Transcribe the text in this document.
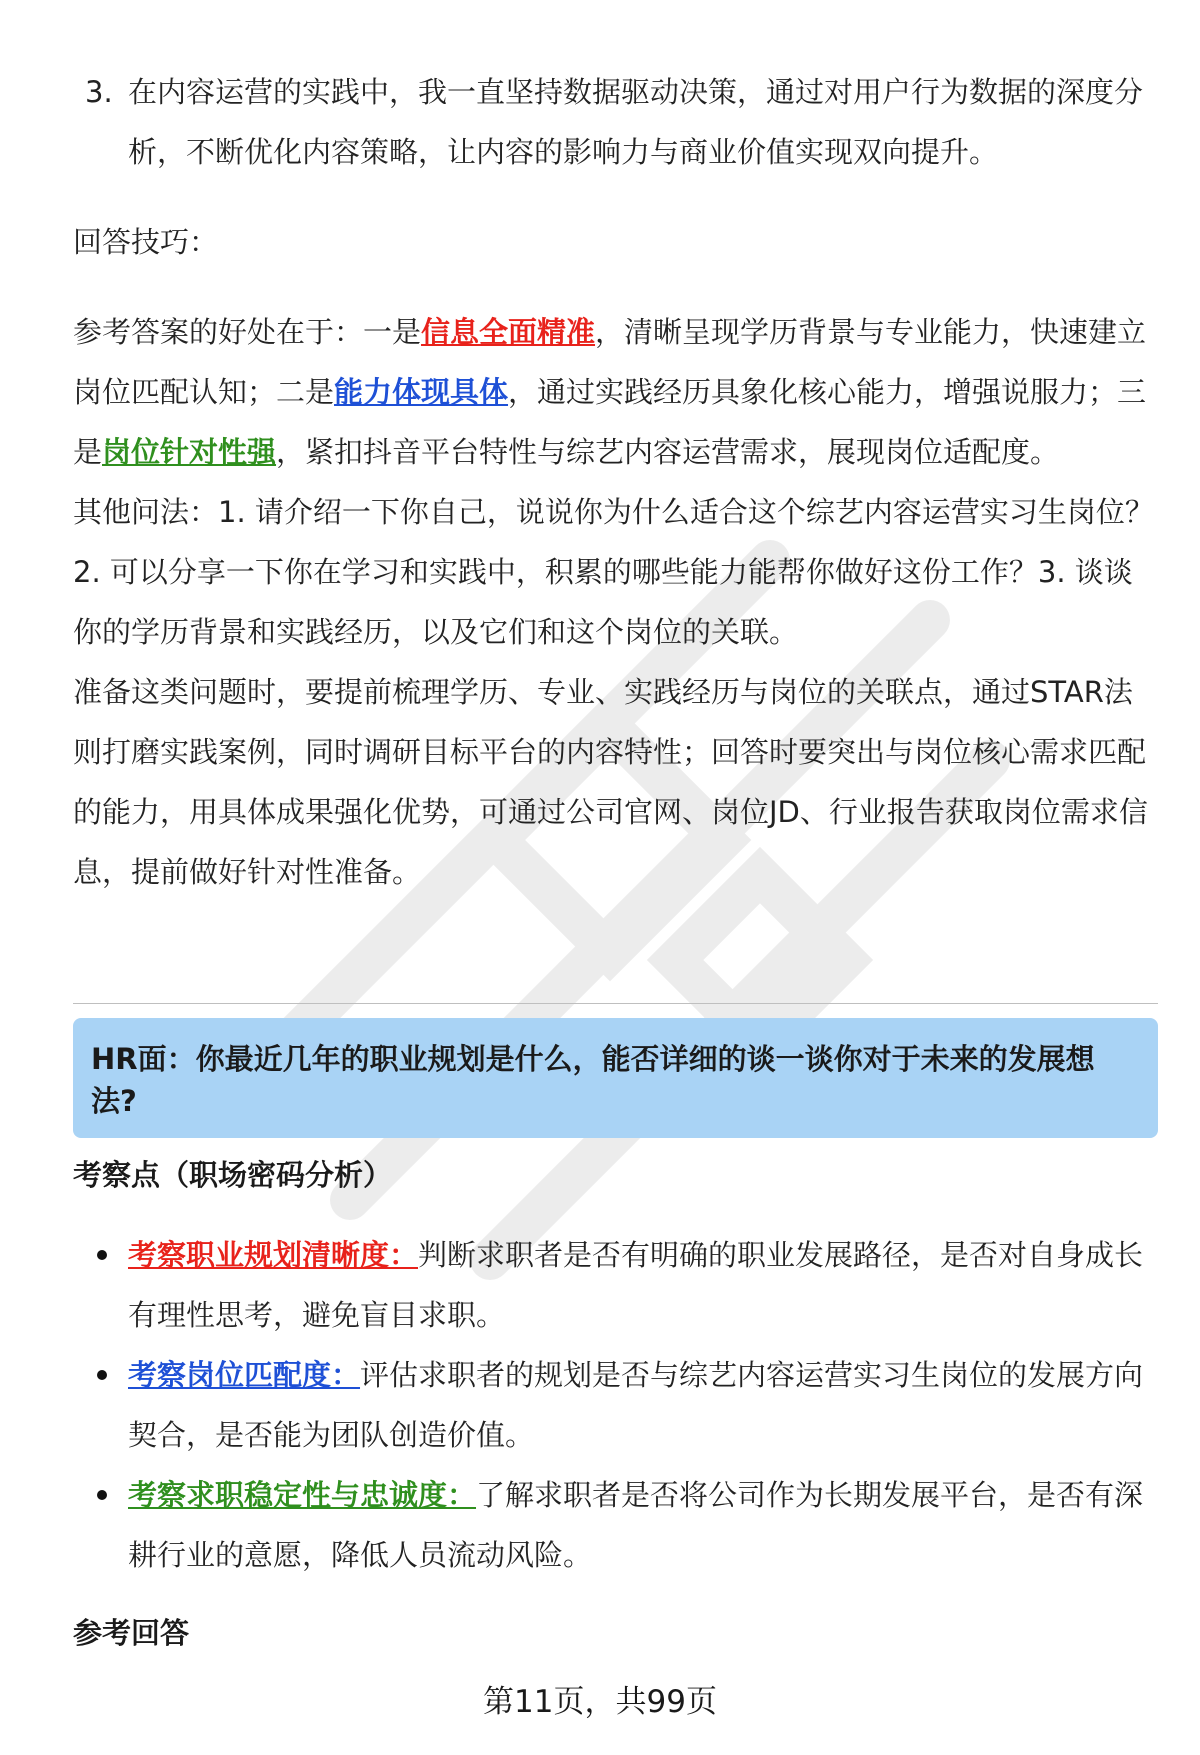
3. 在内容运营的实践中，我一直坚持数据驱动决策，通过对用户行为数据的深度分析，不断优化内容策略，让内容的影响力与商业价值实现双向提升。

回答技巧：

参考答案的好处在于：一是信息全面精准，清晰呈现学历背景与专业能力，快速建立岗位匹配认知；二是能力体现具体，通过实践经历具象化核心能力，增强说服力；三是岗位针对性强，紧扣抖音平台特性与综艺内容运营需求，展现岗位适配度。

其他问法：1. 请介绍一下你自己，说说你为什么适合这个综艺内容运营实习生岗位？2. 可以分享一下你在学习和实践中，积累的哪些能力能帮你做好这份工作？3. 谈谈你的学历背景和实践经历，以及它们和这个岗位的关联。

准备这类问题时，要提前梳理学历、专业、实践经历与岗位的关联点，通过STAR法则打磨实践案例，同时调研目标平台的内容特性；回答时要突出与岗位核心需求匹配的能力，用具体成果强化优势，可通过公司官网、岗位JD、行业报告获取岗位需求信息，提前做好针对性准备。

HR面：你最近几年的职业规划是什么，能否详细的谈一谈你对于未来的发展想法?
考察点（职场密码分析）
考察职业规划清晰度：判断求职者是否有明确的职业发展路径，是否对自身成长有理性思考，避免盲目求职。
考察岗位匹配度：评估求职者的规划是否与综艺内容运营实习生岗位的发展方向契合，是否能为团队创造价值。
考察求职稳定性与忠诚度：了解求职者是否将公司作为长期发展平台，是否有深耕行业的意愿，降低人员流动风险。
参考回答
第11页，共99页
